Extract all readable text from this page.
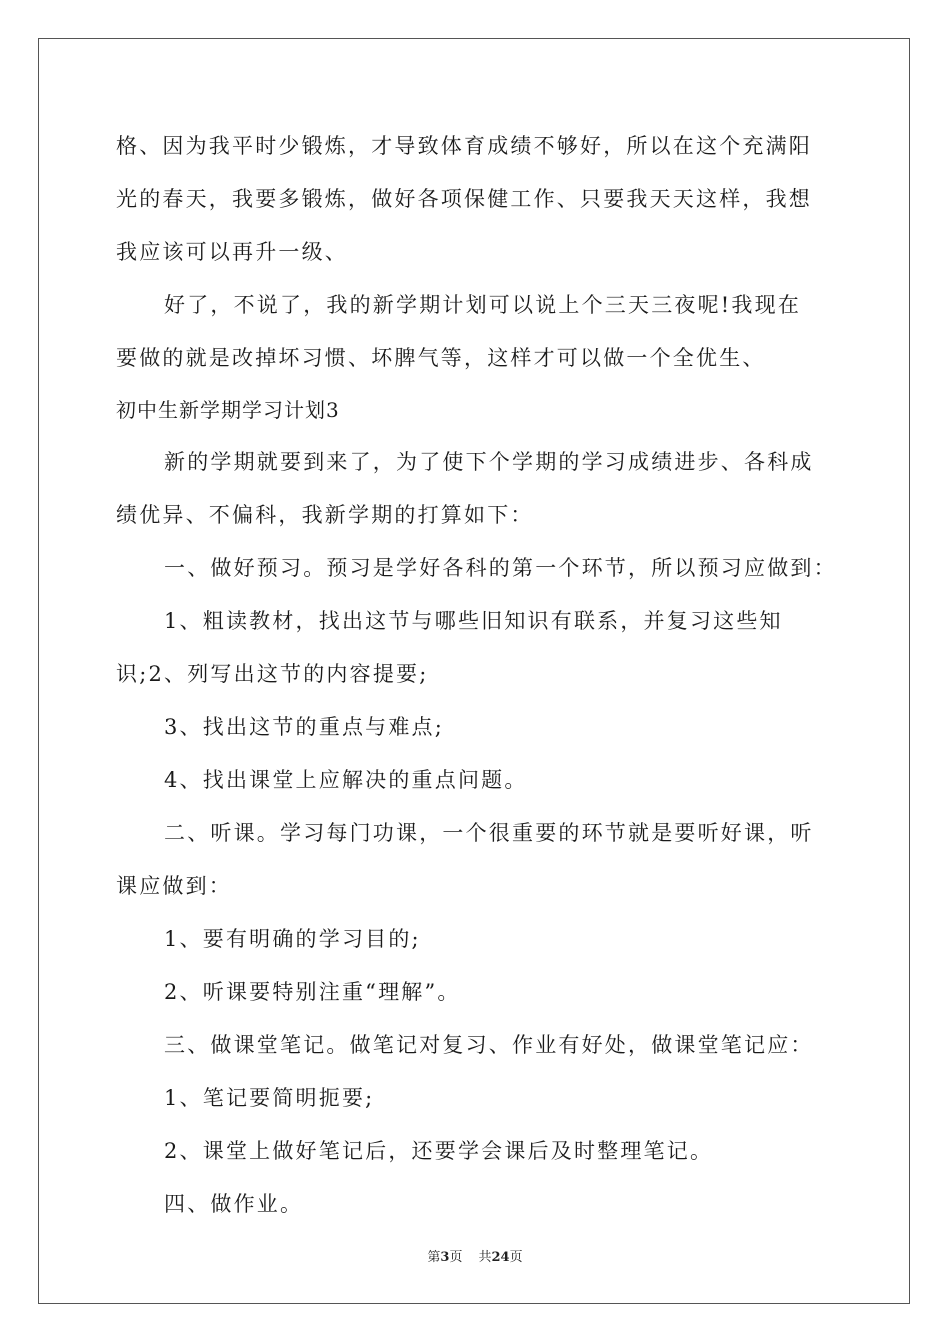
格、因为我平时少锻炼，才导致体育成绩不够好，所以在这个充满阳
光的春天，我要多锻炼，做好各项保健工作、只要我天天这样，我想
我应该可以再升一级、
好了，不说了，我的新学期计划可以说上个三天三夜呢!我现在
要做的就是改掉坏习惯、坏脾气等，这样才可以做一个全优生、
初中生新学期学习计划3
新的学期就要到来了，为了使下个学期的学习成绩进步、各科成
绩优异、不偏科，我新学期的打算如下：
一、做好预习。预习是学好各科的第一个环节，所以预习应做到：
1、粗读教材，找出这节与哪些旧知识有联系，并复习这些知
识;2、列写出这节的内容提要;
3、找出这节的重点与难点;
4、找出课堂上应解决的重点问题。
二、听课。学习每门功课，一个很重要的环节就是要听好课，听
课应做到：
1、要有明确的学习目的;
2、听课要特别注重“理解”。
三、做课堂笔记。做笔记对复习、作业有好处，做课堂笔记应：
1、笔记要简明扼要;
2、课堂上做好笔记后，还要学会课后及时整理笔记。
四、做作业。
第3页 共24页
